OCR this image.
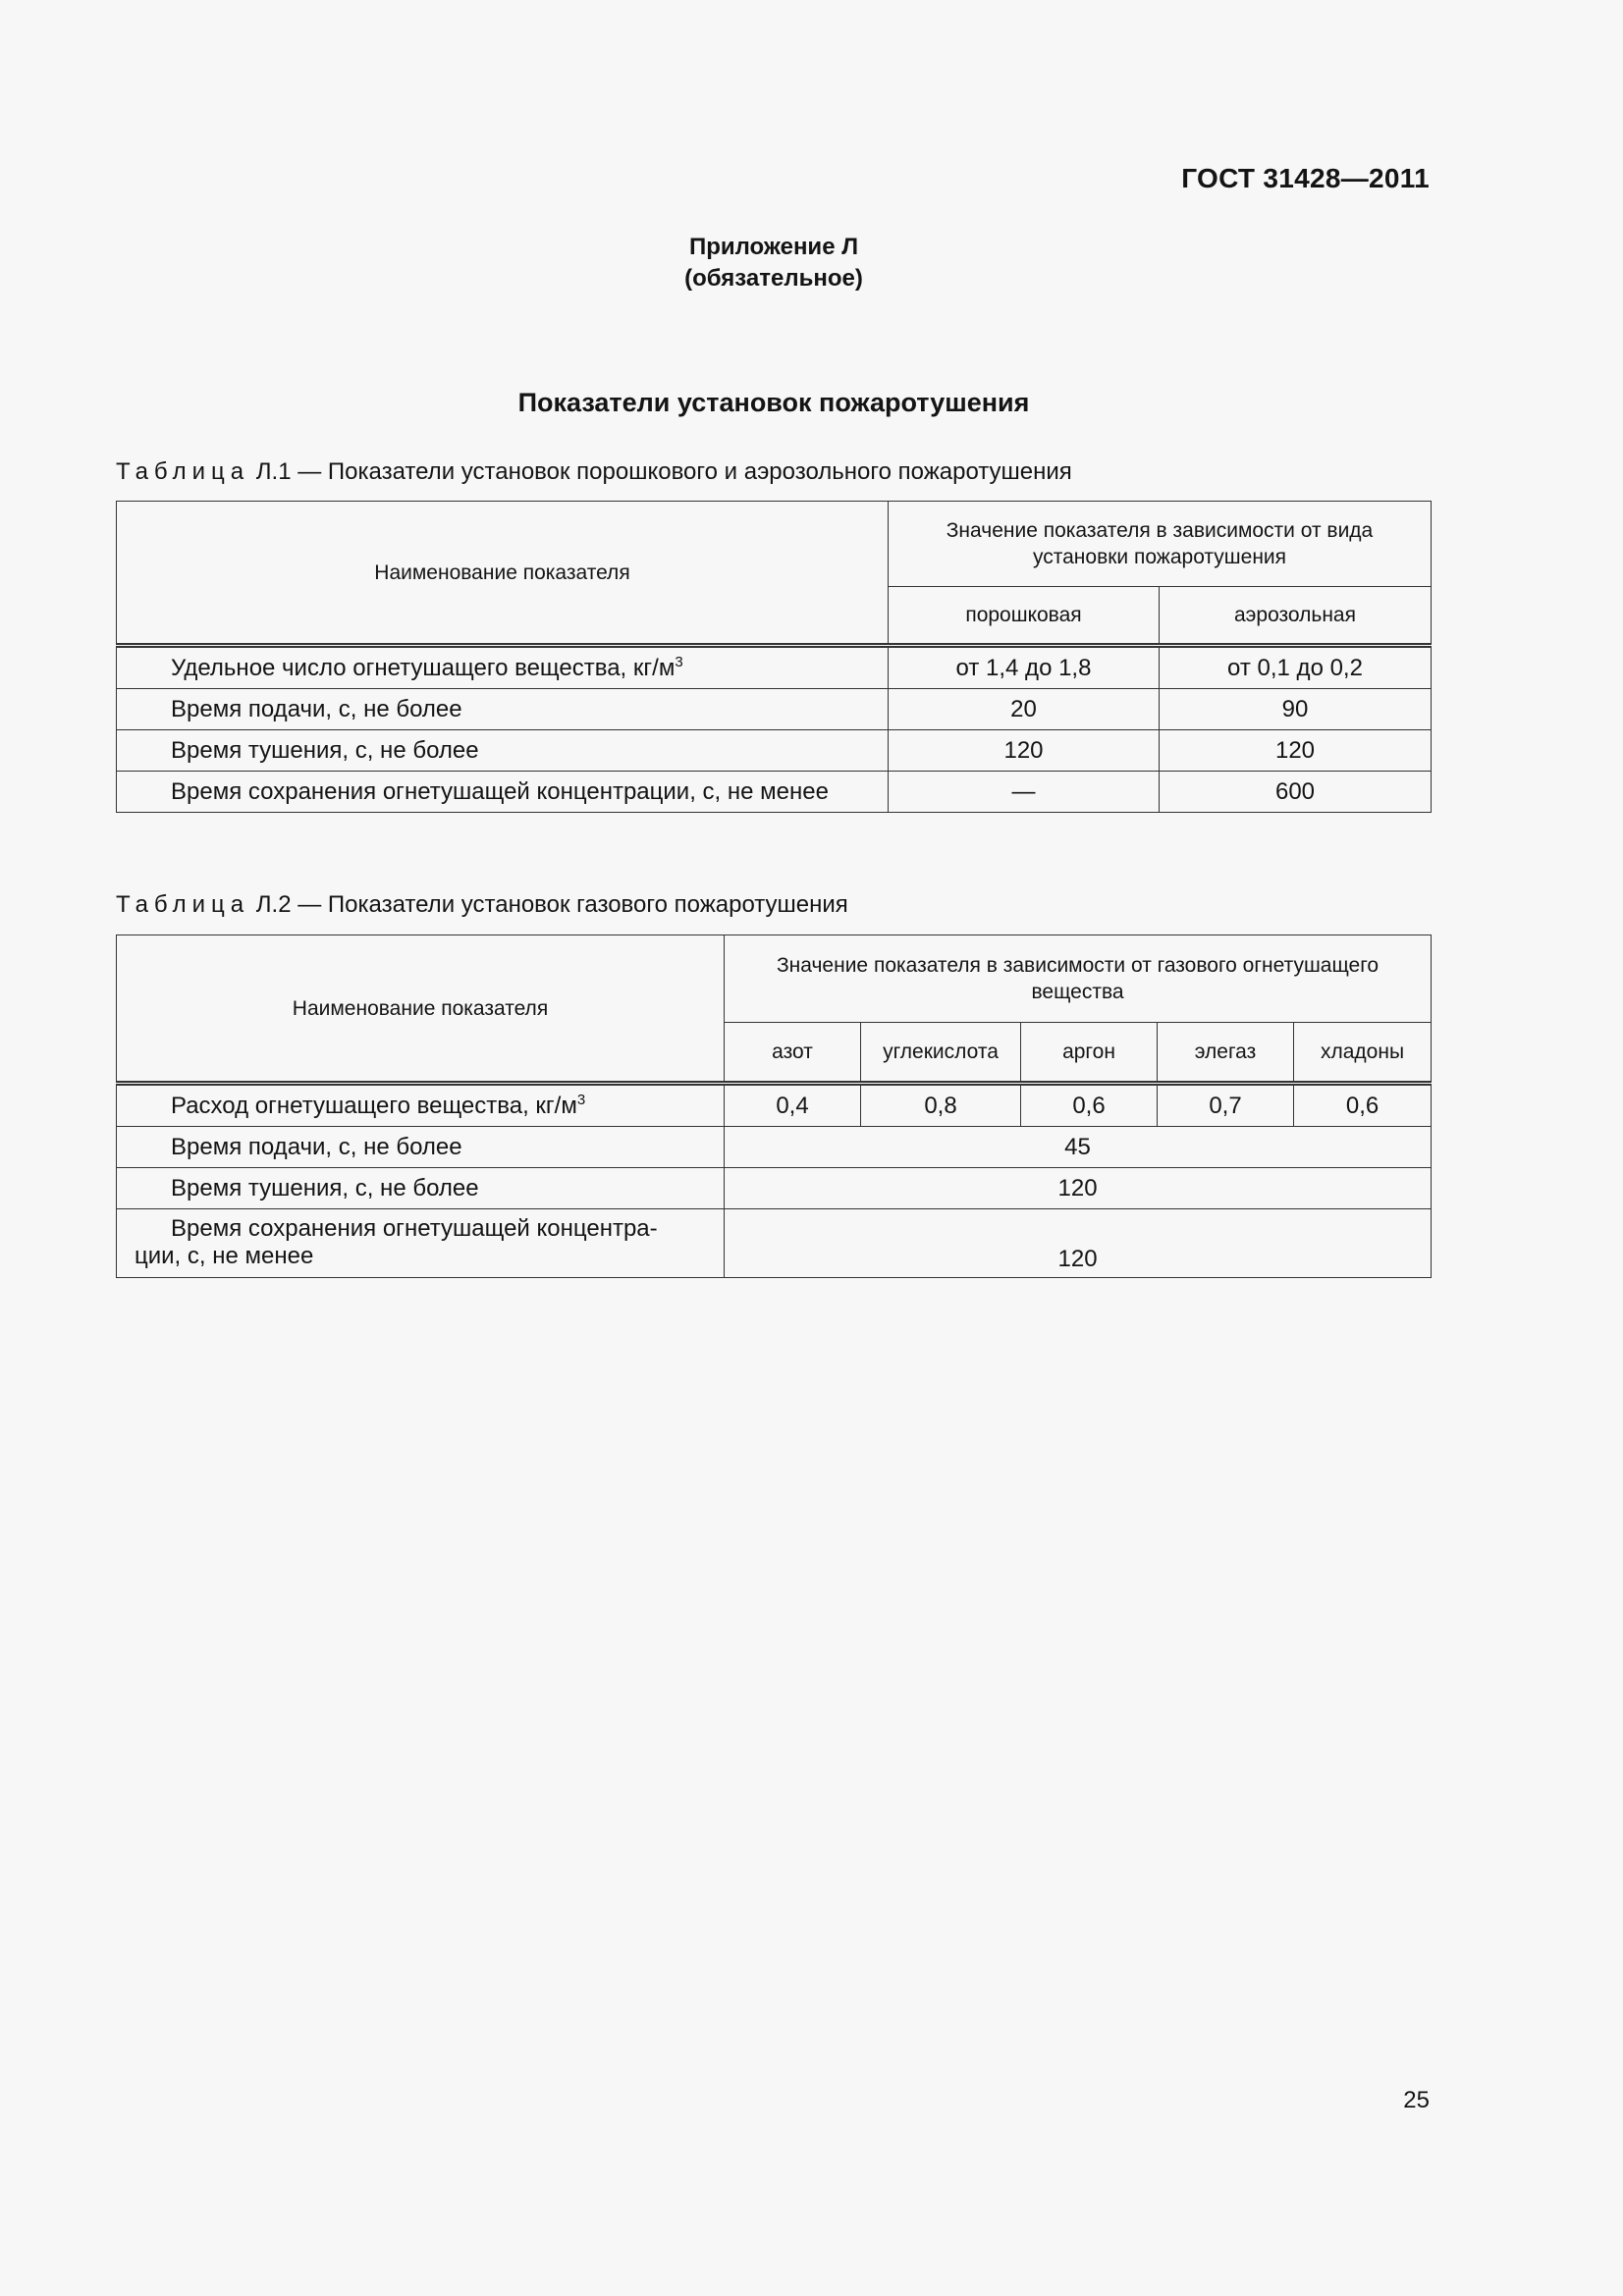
ГОСТ 31428—2011
Приложение Л
(обязательное)
Показатели установок пожаротушения
Таблица Л.1 — Показатели установок порошкового и аэрозольного пожаротушения
Наименование показателя	Значение показателя в зависимости от вида установки пожаротушения	
	порошковая	аэрозольная
Удельное число огнетушащего вещества, $кг/м^3$	от 1,4 до 1,8	от 0,1 до 0,2
Время подачи, с, не более	20	90
Время тушения, с, не более	120	120
Время сохранения огнетушащей концентрации, с, не менее	—	600
Таблица Л.2 — Показатели установок газового пожаротушения
Наименование показателя	Значение показателя в зависимости от газового огнетушащего вещества				
	азот	углекислота	аргон	элегаз	хладоны
Расход огнетушащего вещества, $кг/м^3$	0,4	0,8	0,6	0,7	0,6
Время подачи, с, не более	45				
Время тушения, с, не более	120				
Время сохранения огнетушащей концентра-
ции, с, не менее	120				
25
